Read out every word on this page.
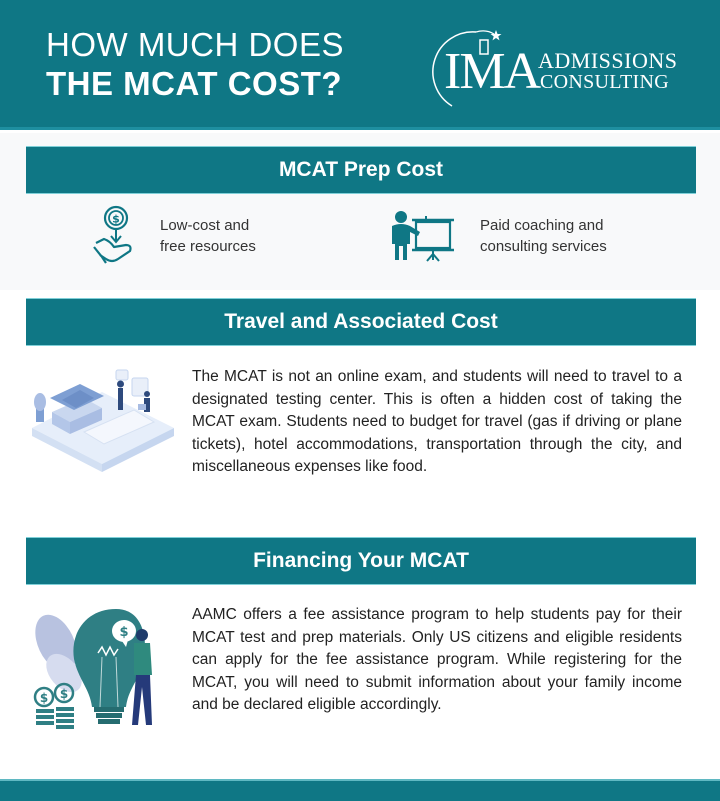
HOW MUCH DOES
THE MCAT COST? IMA
ADMISSIONS
CONSULTING
MCAT Prep Cost
$	Low-cost and
free resources
Paid coaching and
consulting services
Travel and Associated Cost
The MCAT is not an online exam, and students will need to travel to a designated testing center. This is often a hidden cost of taking the MCAT exam. Students need to budget for travel (gas if driving or plane tickets), hotel accommodations, transportation through the city, and miscellaneous expenses like food.
Financing Your MCAT
$
$ $
AAMC offers a fee assistance program to help students pay for their MCAT test and prep materials. Only US citizens and eligible residents can apply for the fee assistance program. While registering for the MCAT, you will need to submit information about your family income and be declared eligible accordingly.
